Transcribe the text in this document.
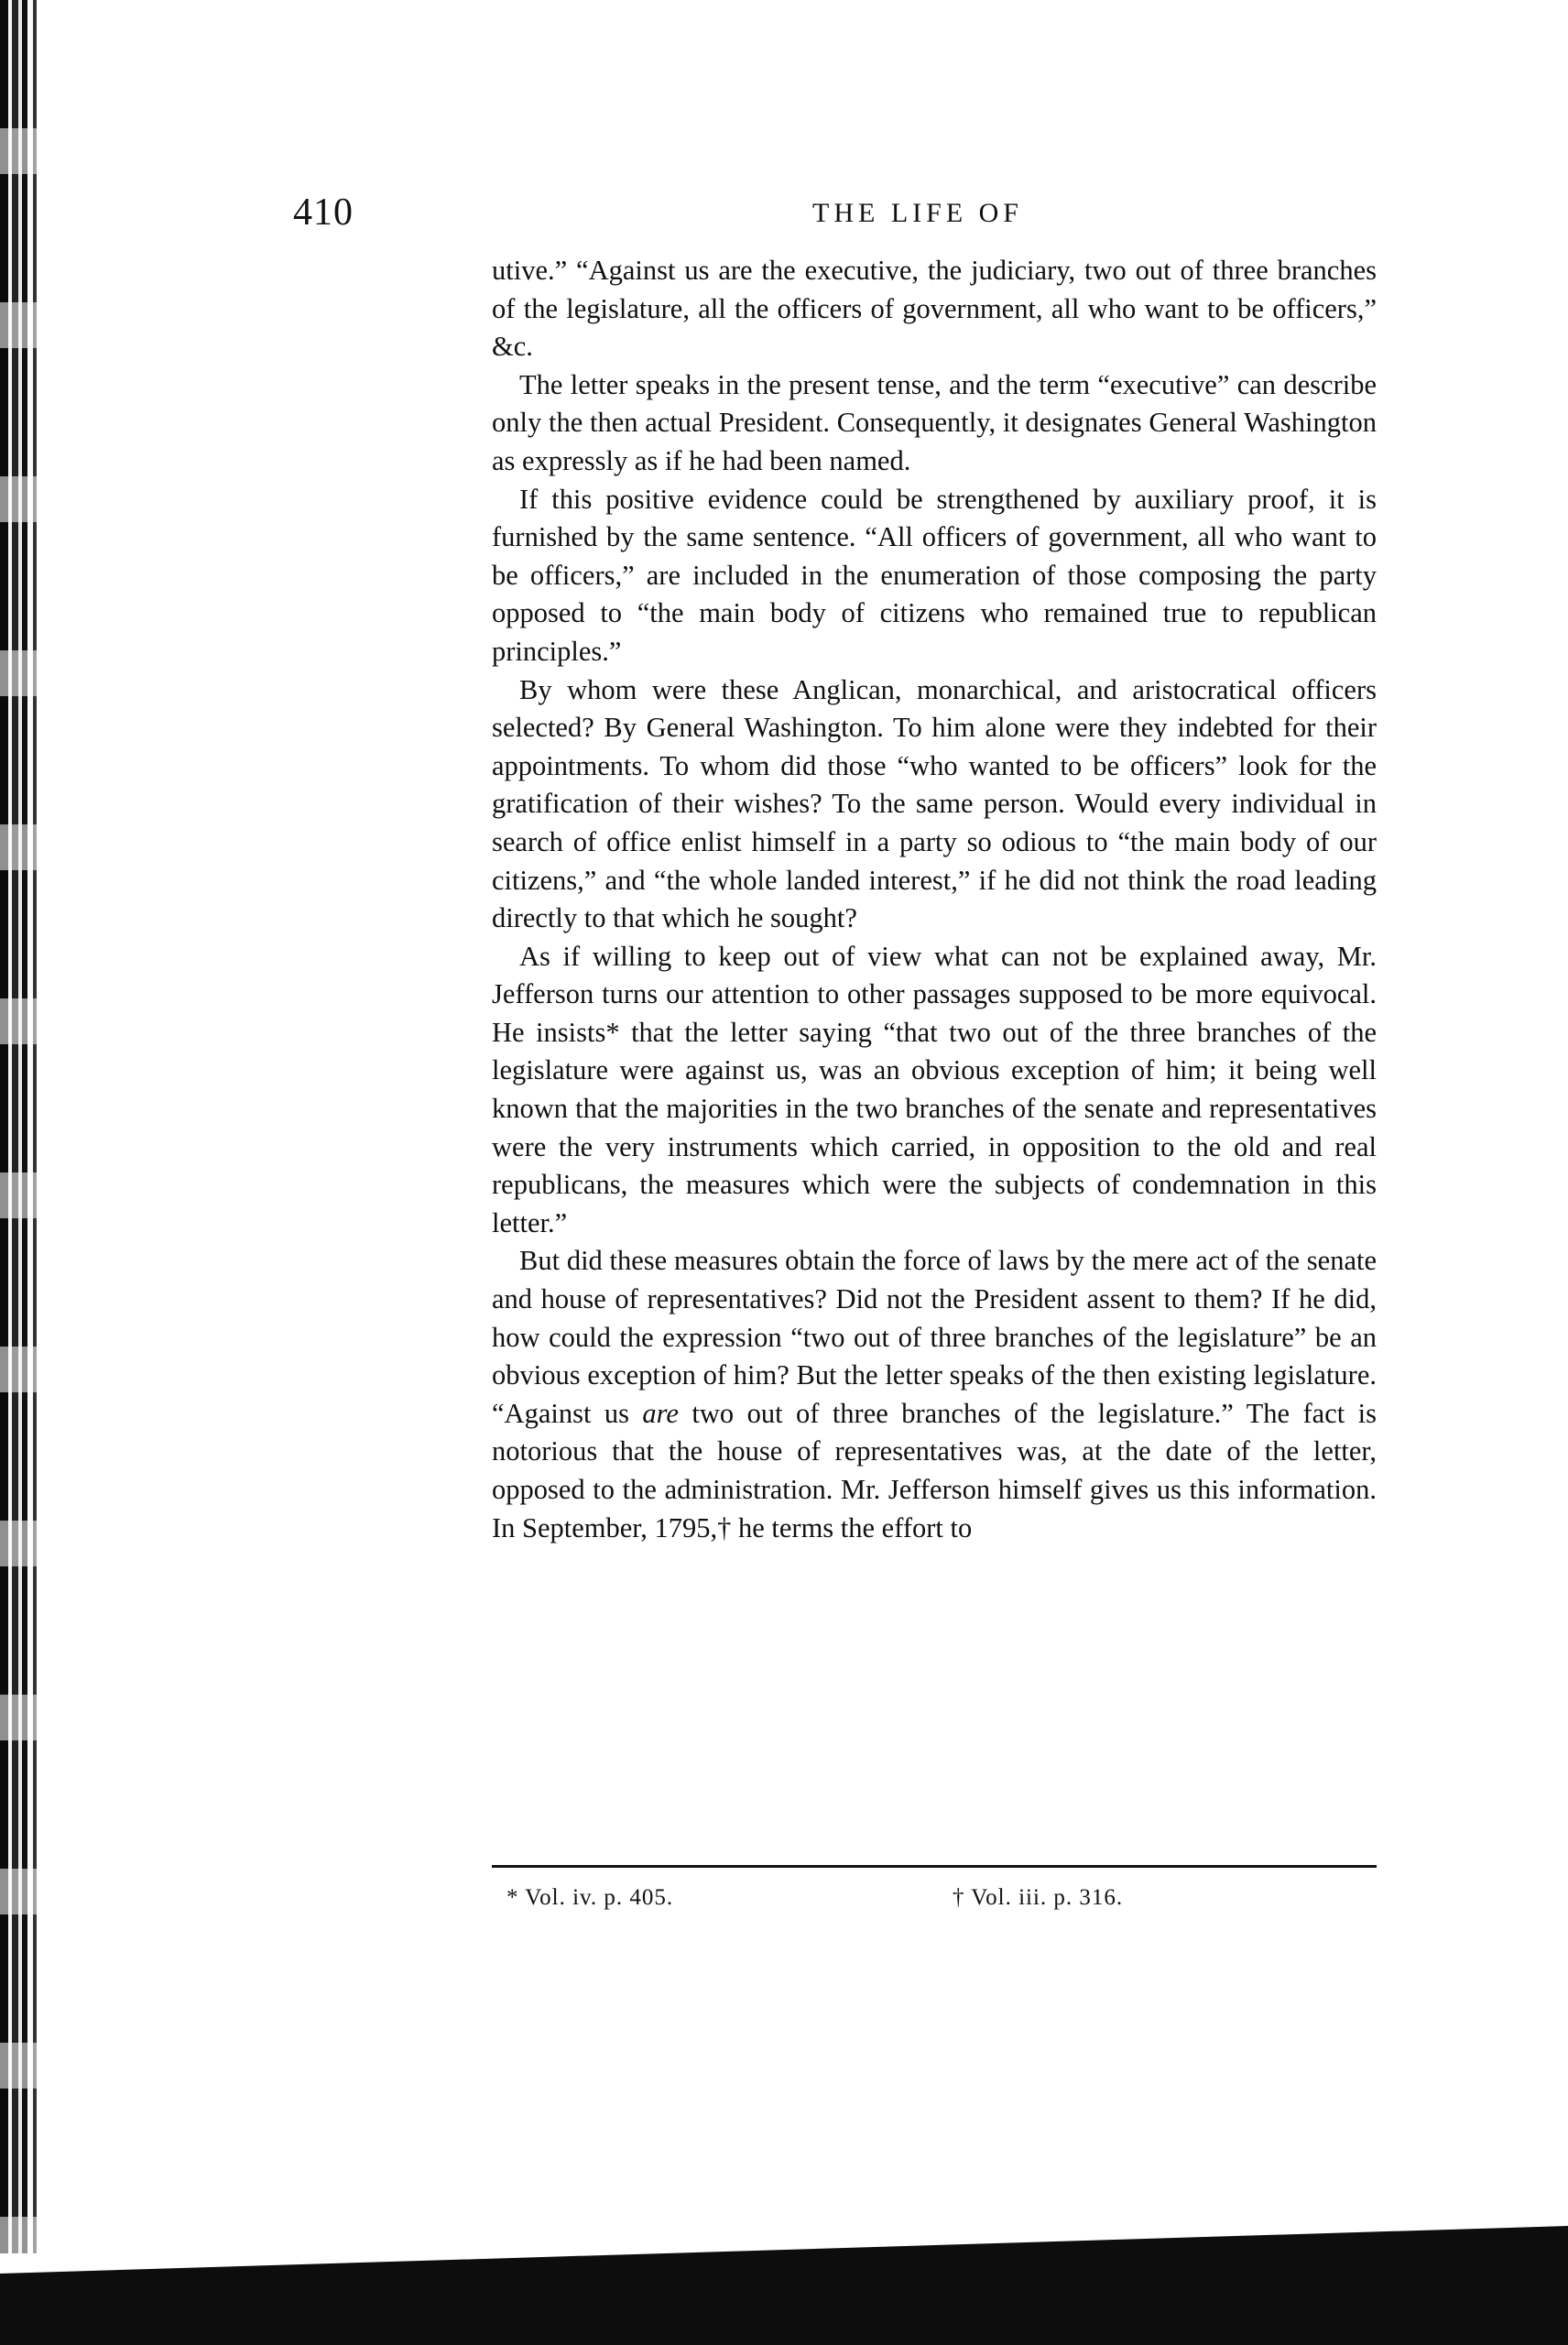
410	THE LIFE OF

utive.” “Against us are the executive, the judiciary, two out of three branches of the legislature, all the officers of government, all who want to be officers,” &c.

The letter speaks in the present tense, and the term “executive” can describe only the then actual President. Consequently, it designates General Washington as expressly as if he had been named.

If this positive evidence could be strengthened by auxiliary proof, it is furnished by the same sentence. “All officers of government, all who want to be officers,” are included in the enumeration of those composing the party opposed to “the main body of citizens who remained true to republican principles.”

By whom were these Anglican, monarchical, and aristocratical officers selected? By General Washington. To him alone were they indebted for their appointments. To whom did those “who wanted to be officers” look for the gratification of their wishes? To the same person. Would every individual in search of office enlist himself in a party so odious to “the main body of our citizens,” and “the whole landed interest,” if he did not think the road leading directly to that which he sought?

As if willing to keep out of view what can not be explained away, Mr. Jefferson turns our attention to other passages supposed to be more equivocal. He insists* that the letter saying “that two out of the three branches of the legislature were against us, was an obvious exception of him; it being well known that the majorities in the two branches of the senate and representatives were the very instruments which carried, in opposition to the old and real republicans, the measures which were the subjects of condemnation in this letter.”

But did these measures obtain the force of laws by the mere act of the senate and house of representatives? Did not the President assent to them? If he did, how could the expression “two out of three branches of the legislature” be an obvious exception of him? But the letter speaks of the then existing legislature. “Against us are two out of three branches of the legislature.” The fact is notorious that the house of representatives was, at the date of the letter, opposed to the administration. Mr. Jefferson himself gives us this information. In September, 1795,† he terms the effort to

* Vol. iv. p. 405.	† Vol. iii. p. 316.
